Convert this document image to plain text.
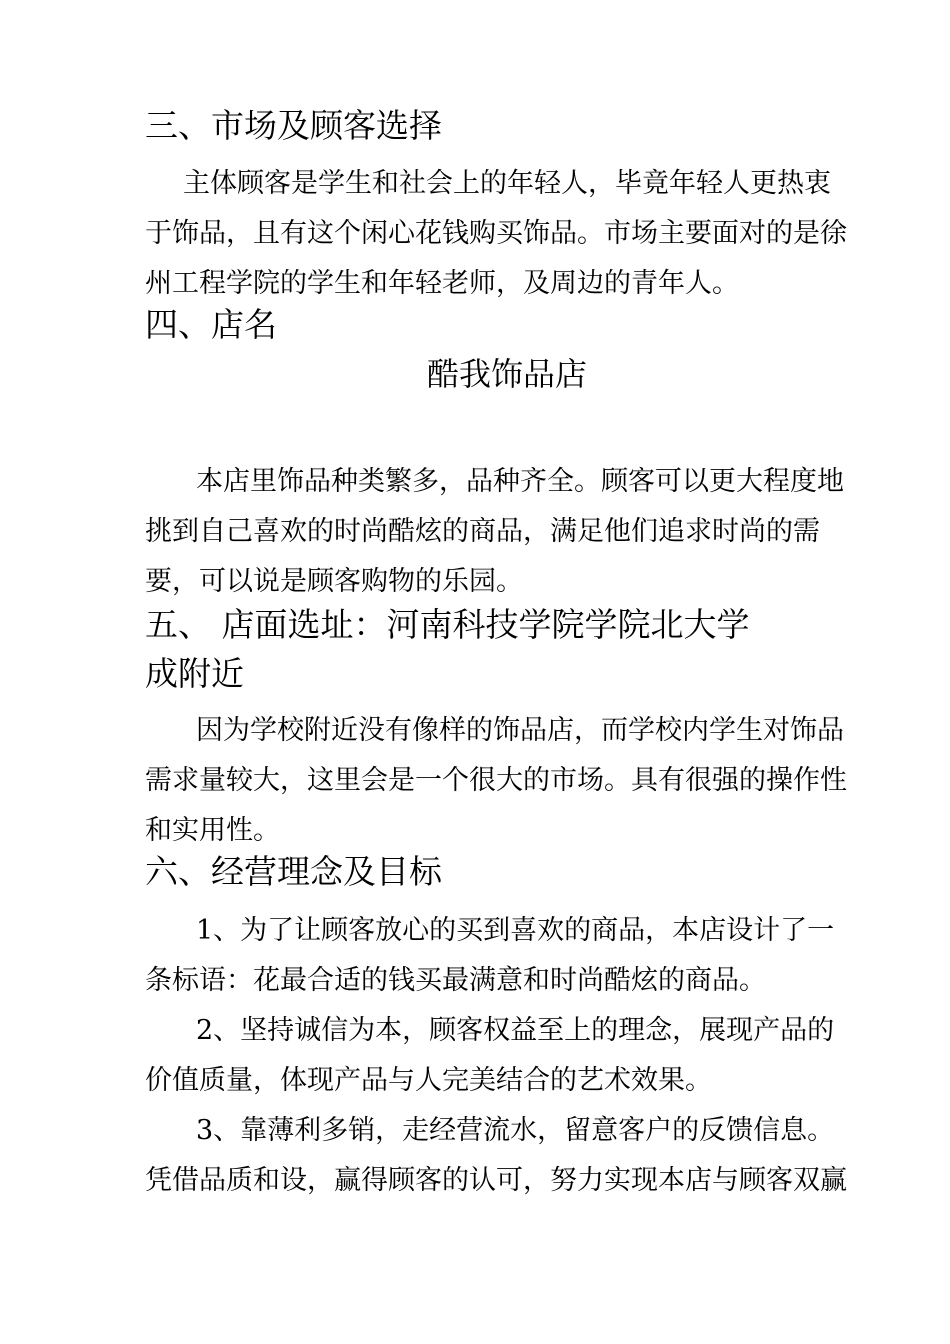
三、市场及顾客选择
主体顾客是学生和社会上的年轻人，毕竟年轻人更热衷
于饰品，且有这个闲心花钱购买饰品。市场主要面对的是徐
州工程学院的学生和年轻老师，及周边的青年人。
四、店名
酷我饰品店
本店里饰品种类繁多，品种齐全。顾客可以更大程度地
挑到自己喜欢的时尚酷炫的商品，满足他们追求时尚的需
要，可以说是顾客购物的乐园。
五、 店面选址：河南科技学院学院北大学
成附近
因为学校附近没有像样的饰品店，而学校内学生对饰品
需求量较大，这里会是一个很大的市场。具有很强的操作性
和实用性。
六、经营理念及目标
1、为了让顾客放心的买到喜欢的商品，本店设计了一
条标语：花最合适的钱买最满意和时尚酷炫的商品。
2、坚持诚信为本，顾客权益至上的理念，展现产品的
价值质量，体现产品与人完美结合的艺术效果。
3、靠薄利多销，走经营流水，留意客户的反馈信息。
凭借品质和设，赢得顾客的认可，努力实现本店与顾客双赢
